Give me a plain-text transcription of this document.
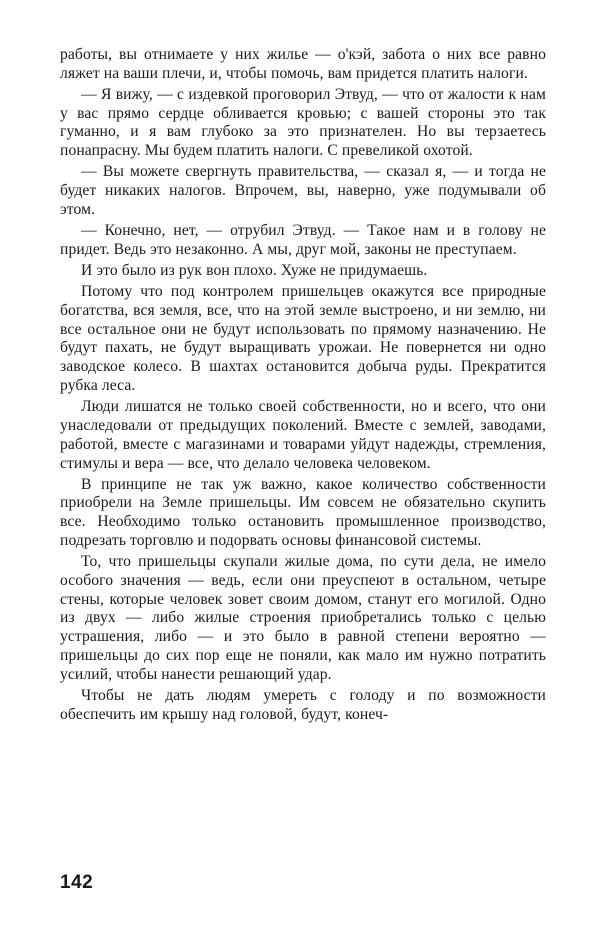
работы, вы отнимаете у них жилье — о'кэй, забота о них все равно ляжет на ваши плечи, и, чтобы помочь, вам придется платить налоги.

— Я вижу, — с издевкой проговорил Этвуд, — что от жалости к нам у вас прямо сердце обливается кровью; с вашей стороны это так гуманно, и я вам глубоко за это признателен. Но вы терзаетесь понапрасну. Мы будем платить налоги. С превеликой охотой.

— Вы можете свергнуть правительства, — сказал я, — и тогда не будет никаких налогов. Впрочем, вы, наверно, уже подумывали об этом.

— Конечно, нет, — отрубил Этвуд. — Такое нам и в голову не придет. Ведь это незаконно. А мы, друг мой, законы не преступаем.

И это было из рук вон плохо. Хуже не придумаешь.

Потому что под контролем пришельцев окажутся все природные богатства, вся земля, все, что на этой земле выстроено, и ни землю, ни все остальное они не будут использовать по прямому назначению. Не будут пахать, не будут выращивать урожаи. Не повернется ни одно заводское колесо. В шахтах остановится добыча руды. Прекратится рубка леса.

Люди лишатся не только своей собственности, но и всего, что они унаследовали от предыдущих поколений. Вместе с землей, заводами, работой, вместе с магазинами и товарами уйдут надежды, стремления, стимулы и вера — все, что делало человека человеком.

В принципе не так уж важно, какое количество собственности приобрели на Земле пришельцы. Им совсем не обязательно скупить все. Необходимо только остановить промышленное производство, подрезать торговлю и подорвать основы финансовой системы.

То, что пришельцы скупали жилые дома, по сути дела, не имело особого значения — ведь, если они преуспеют в остальном, четыре стены, которые человек зовет своим домом, станут его могилой. Одно из двух — либо жилые строения приобретались только с целью устрашения, либо — и это было в равной степени вероятно — пришельцы до сих пор еще не поняли, как мало им нужно потратить усилий, чтобы нанести решающий удар.

Чтобы не дать людям умереть с голоду и по возможности обеспечить им крышу над головой, будут, конеч-

142
